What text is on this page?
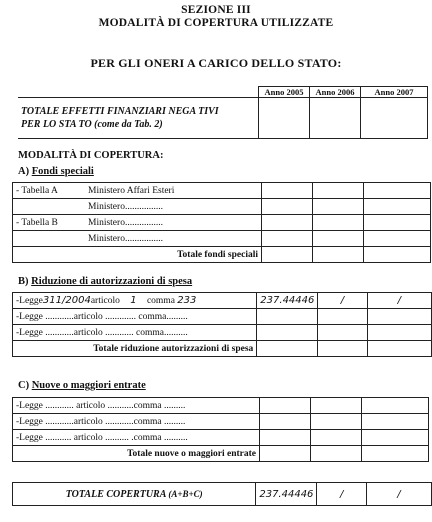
SEZIONE III
MODALITÀ DI COPERTURA UTILIZZATE
PER GLI ONERI A CARICO DELLO STATO:
	Anno 2005	Anno 2006	Anno 2007

TOTALE EFFETTI FINANZIARI NEGA TIVI
PER LO STA TO (come da Tab. 2)			

MODALITÀ DI COPERTURA:
A) Fondi speciali
- Tabella A	Ministero Affari Esteri			
	Ministero................			
- Tabella B	Ministero................			
	Ministero................			
Totale fondi speciali				
B) Riduzione di autorizzazioni di spesa
-Legge311/2004articolo 1 comma 233	237.44446	/	/
-Legge ............articolo ............. comma.........			
-Legge ............articolo ............ comma..........			
Totale riduzione autorizzazioni di spesa			
C) Nuove o maggiori entrate
-Legge ............ articolo ...........comma .........			
-Legge ............articolo ............comma .........			
-Legge ........... articolo .......... .comma ..........			
Totale nuove o maggiori entrate			
TOTALE COPERTURA (A+B+C)	237.44446	/	/
